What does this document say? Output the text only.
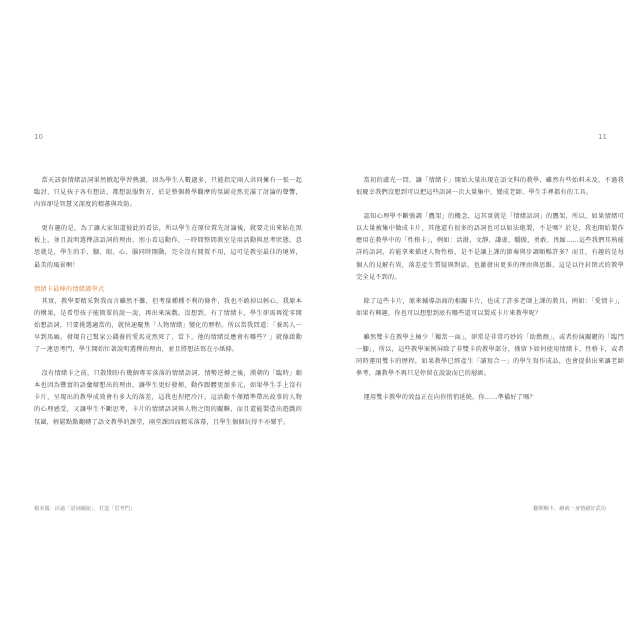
10	11

當天該套情緒語詞果然掀起學習熱潮，因為學生人數過多，只能指定兩人共同擁有一張一起臨討，只見孩子各有想法，都想說服對方，於是整個教學觀摩的氛圍竟然充滿了討論的聲響，內容卻是智慧又深度的精蕃與攻防。

更有趣的是，為了讓大家知道彼此的看法，所以學生在原位置先討論後，就要走出來貼在黑板上，並且說明選擇該語詞的理由，別小看這動作，一時間整間教室是用活動與思考狀態，意思就是，學生的手、腳、眼、心、腦同時開動，完全沒有閒置不用，這可是教室最佳的境界，最美的風景啊！

情緒卡最棒的情緒識學式

其實，教學要精采對我而言雖然不難，但考量種種不利的條件，我也不敢掉以輕心，我原本的構果，是希望孩子能簡單的說一說，再出來演戲，沒想到，有了情緒卡，學生卻需再從零開始想語詞，只要挑選適當的，就快速聚焦「人物情緒」變化的歷程。所以當我問道：「養馬人一早到馬廄，發現自己幫家公錢養的愛馬竟然死了，當下，他的情緒反應會有哪些？」就像啟動了一連思考門，學生開始忙著說明選擇的理由，並且將想法寫在小紙條。

沒有情緒卡之前，只散期盼有幾個專零落落的情緒語詞，情勢逆轉之後，漢朝的「臨時」劇本也因為豐富的語彙辯想出的理由，讓學生更好發揮，動作跟體更加多元，如果學生手上沒有卡片，呈現出的教學成效會有多大的落差，這我也捏把冷汗。這活動不僅精準帶出故事的人物的心理感受，又讓學生不斷思考，卡片的情緒語詞與人物之間的關聯，而且還能製造出遊戲的氛圍，輕鬆點點翻轉了語文教學的課堂，兩堂課因而精采落幕，且學生個個玩得不亦樂乎。

當初的盧光一問，讓「情緒卡」開始大量出現在語文科的教學，雖然有些始料未及，不過我很慶幸我們沒想到可以把這些語詞一次大量集中，變成老師、學生手裡都有的工具。

認知心理學不斷強調「鷹架」的概念，這其實就是「情緒語詞」的鷹架，所以，如果情緒可以大量被集中做成卡片，其他還有很多的語詞也可以如法炮製，不是嗎？於是，我也開始製作應用在教學中的「性格卡」，例如：活潑、文靜、謙虛、驕傲、勇敢、畏縮……這些我們耳熟能詳的語詞，若能拿來描述人物性格，是不是讓上課的節奏與步調順暢許多？而且，有趣的是每個人的見解有異，落差產生質疑與對話，也激發出更多的理由與思維，這是以往封閉式的教學完全見不到的。

除了這些卡片，原來輔導語商的相關卡片，也成了許多老師上課的教具，例如：「愛情卡」，如果有興趣，你也可以想想到底有哪些還可以製成卡片來教學呢？

雖然雙卡在教學上極少「獨當一面」，卻常是非常巧妙的「助燃劑」，或者扮演關鍵的「臨門一腳」，所以，這些教學案例屏除了非雙卡的教學部分，僅留下如何使用情緒卡、性格卡，或者同時運用雙卡的歷程，如果教學已經產生「讀寫合一」的學生寫作成品，也會提供出來讓老師參考，讓教學不再只是停留在說說而已的層級。

運用雙卡教學的效益正在向你悄悄延燒，你……準備好了嗎？

楊美儀：活過「語詞圖說」，打造「思考門」	翻開暢卡，繪就一身情緒好武功
